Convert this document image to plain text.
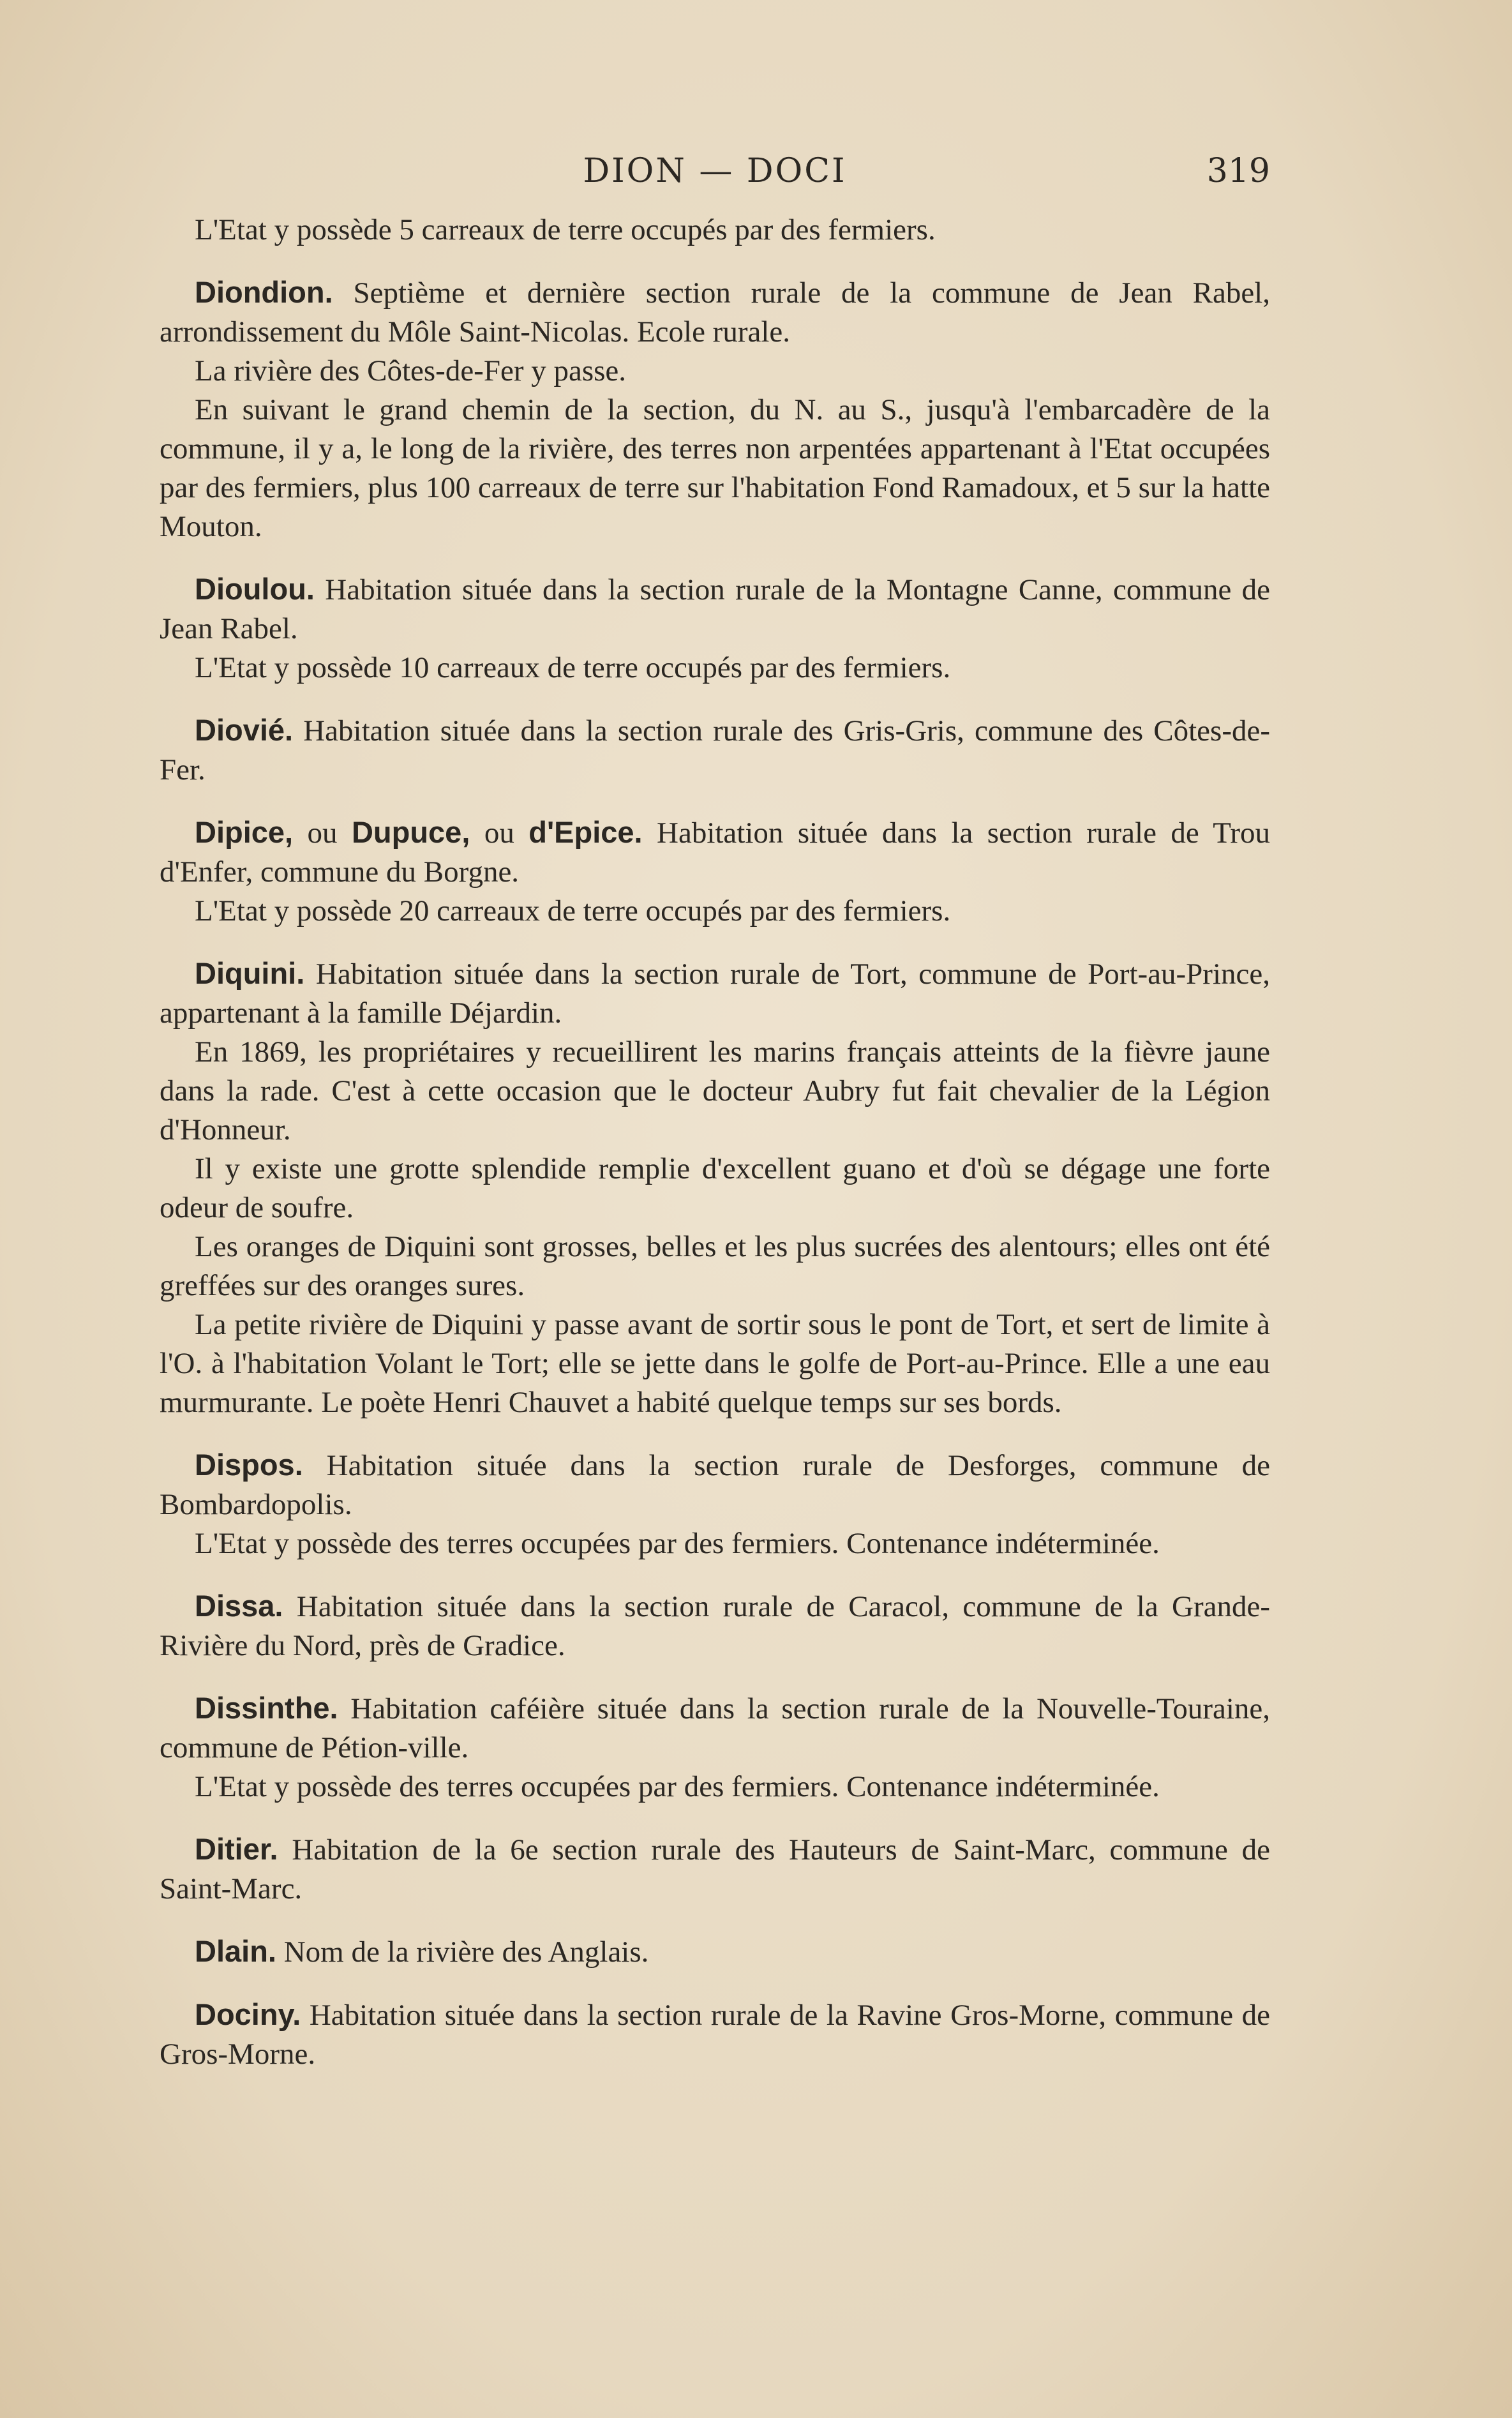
DION — DOCI	319

L'Etat y possède 5 carreaux de terre occupés par des fermiers.

Diondion. Septième et dernière section rurale de la commune de Jean Rabel, arrondissement du Môle Saint-Nicolas. Ecole rurale.

La rivière des Côtes-de-Fer y passe.

En suivant le grand chemin de la section, du N. au S., jusqu'à l'embarcadère de la commune, il y a, le long de la rivière, des terres non arpentées appartenant à l'Etat occupées par des fermiers, plus 100 carreaux de terre sur l'habitation Fond Ramadoux, et 5 sur la hatte Mouton.

Dioulou. Habitation située dans la section rurale de la Montagne Canne, commune de Jean Rabel.

L'Etat y possède 10 carreaux de terre occupés par des fermiers.

Diovié. Habitation située dans la section rurale des Gris-Gris, commune des Côtes-de-Fer.

Dipice, ou Dupuce, ou d'Epice. Habitation située dans la section rurale de Trou d'Enfer, commune du Borgne.

L'Etat y possède 20 carreaux de terre occupés par des fermiers.

Diquini. Habitation située dans la section rurale de Tort, commune de Port-au-Prince, appartenant à la famille Déjardin.

En 1869, les propriétaires y recueillirent les marins français atteints de la fièvre jaune dans la rade. C'est à cette occasion que le docteur Aubry fut fait chevalier de la Légion d'Honneur.

Il y existe une grotte splendide remplie d'excellent guano et d'où se dégage une forte odeur de soufre.

Les oranges de Diquini sont grosses, belles et les plus sucrées des alentours; elles ont été greffées sur des oranges sures.

La petite rivière de Diquini y passe avant de sortir sous le pont de Tort, et sert de limite à l'O. à l'habitation Volant le Tort; elle se jette dans le golfe de Port-au-Prince. Elle a une eau murmurante. Le poète Henri Chauvet a habité quelque temps sur ses bords.

Dispos. Habitation située dans la section rurale de Desforges, commune de Bombardopolis.

L'Etat y possède des terres occupées par des fermiers. Contenance indéterminée.

Dissa. Habitation située dans la section rurale de Caracol, commune de la Grande-Rivière du Nord, près de Gradice.

Dissinthe. Habitation caféière située dans la section rurale de la Nouvelle-Touraine, commune de Pétion-ville.

L'Etat y possède des terres occupées par des fermiers. Contenance indéterminée.

Ditier. Habitation de la 6e section rurale des Hauteurs de Saint-Marc, commune de Saint-Marc.

Dlain. Nom de la rivière des Anglais.

Dociny. Habitation située dans la section rurale de la Ravine Gros-Morne, commune de Gros-Morne.
